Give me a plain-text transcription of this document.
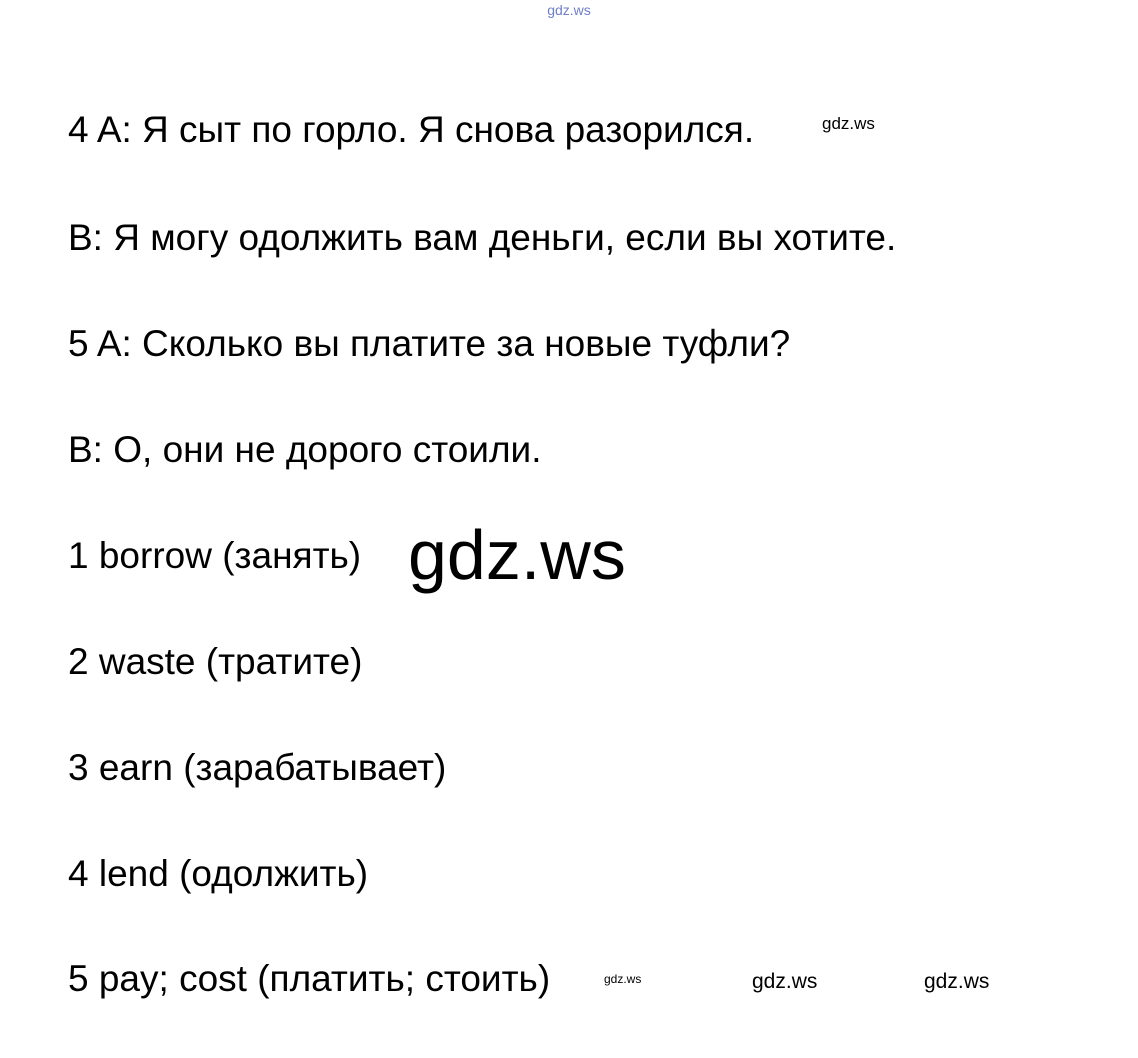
gdz.ws
4 A: Я сыт по горло. Я снова разорился.	gdz.ws
B: Я могу одолжить вам деньги, если вы хотите.
5 A: Сколько вы платите за новые туфли?
B: О, они не дорого стоили.
1 borrow (занять) gdz.ws
2 waste (тратите)
3 earn (зарабатывает)
4 lend (одолжить)
5 pay; cost (платить; стоить)	gdz.ws	gdz.ws	gdz.ws
